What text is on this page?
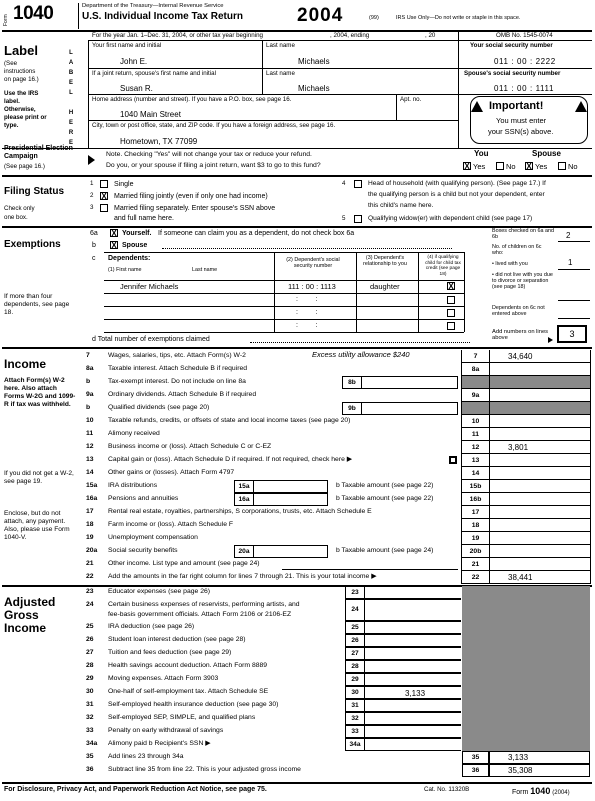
Form 1040	Department of the Treasury—Internal Revenue Service
U.S. Individual Income Tax Return	2004	(99)	IRS Use Only—Do not write or staple in this space.
For the year Jan. 1–Dec. 31, 2004, or other tax year beginning	, 2004, ending	, 20	OMB No. 1545-0074
Label
(See instructions on page 16.)
Use the IRS label. Otherwise, please print or type.
Presidential Election Campaign
(See page 16.)
L
A
B
E
L

H
E
R
E
Your first name and initial
John E.
Last name
Michaels
Your social security number
011 : 00 : 2222
If a joint return, spouse's first name and initial
Susan R.
Last name
Michaels
Spouse's social security number
011 : 00 : 1111
Home address (number and street). If you have a P.O. box, see page 16.	Apt. no.
1040 Main Street
City, town or post office, state, and ZIP code. If you have a foreign address, see page 16.
Hometown, TX 77099
Important!
You must enter
your SSN(s) above.
Note. Checking "Yes" will not change your tax or reduce your refund.
Do you, or your spouse if filing a joint return, want $3 to go to this fund?
You	Spouse
X Yes	No X Yes	No
Filing Status
Check only
one box.
1	Single
2 X Married filing jointly (even if only one had income)
3	Married filing separately. Enter spouse's SSN above
and full name here.
4	Head of household (with qualifying person). (See page 17.) If
the qualifying person is a child but not your dependent, enter
this child's name here.
5	Qualifying widow(er) with dependent child (see page 17)
Exemptions
6a X Yourself. If someone can claim you as a dependent, do not check box 6a
b X Spouse
c Dependents:
(1) First name	Last name
(2) Dependent's social security number
(3) Dependent's relationship to you
(4) if qualifying child for child tax credit (see page 18)
Jennifer Michaels	111 : 00 : 1113	daughter	X
:         :
:         :
:         :
If more than four dependents, see page 18.
d Total number of exemptions claimed
Boxes checked on 6a and 6b	2
No. of children on 6c who:
• lived with you	1
• did not live with you due to divorce or separation (see page 18)
Dependents on 6c not entered above
Add numbers on lines above	3
Income
Attach Form(s) W-2 here. Also attach Forms W-2G and 1099-R if tax was withheld.
If you did not get a W-2, see page 19.
Enclose, but do not attach, any payment. Also, please use Form 1040-V.
7	Wages, salaries, tips, etc. Attach Form(s) W-2	7	34,640
8a Taxable interest. Attach Schedule B if required	8a
b	Tax-exempt interest. Do not include on line 8a	8b
9a Ordinary dividends. Attach Schedule B if required	9a
b	Qualified dividends (see page 20)	9b
10 Taxable refunds, credits, or offsets of state and local income taxes (see page 20)	10
11 Alimony received	11
12 Business income or (loss). Attach Schedule C or C-EZ	12	3,801
13 Capital gain or (loss). Attach Schedule D if required. If not required, check here ▶	13
14 Other gains or (losses). Attach Form 4797	14
15a IRA distributions	15b
15a	b Taxable amount (see page 22)
16a Pensions and annuities	16b
16a	b Taxable amount (see page 22)
17 Rental real estate, royalties, partnerships, S corporations, trusts, etc. Attach Schedule E	17
18 Farm income or (loss). Attach Schedule F	18
19 Unemployment compensation	19
20a Social security benefits	20b
20a	b Taxable amount (see page 24)
21 Other income. List type and amount (see page 24)	21
22 Add the amounts in the far right column for lines 7 through 21. This is your total income ▶	22	38,441
Excess utility allowance $240
Adjusted
Gross
Income
23 Educator expenses (see page 26)	23
24 Certain business expenses of reservists, performing artists, and
fee-basis government officials. Attach Form 2106 or 2106-EZ
24
25 IRA deduction (see page 26)	25
26 Student loan interest deduction (see page 28)	26
27 Tuition and fees deduction (see page 29)	27
28 Health savings account deduction. Attach Form 8889	28
29 Moving expenses. Attach Form 3903	29
30 One-half of self-employment tax. Attach Schedule SE	30	3,133
31 Self-employed health insurance deduction (see page 30)	31
32 Self-employed SEP, SIMPLE, and qualified plans	32
33 Penalty on early withdrawal of savings	33
34a Alimony paid b Recipient's SSN ▶	34a
35 Add lines 23 through 34a	35	3,133
36 Subtract line 35 from line 22. This is your adjusted gross income	36	35,308
For Disclosure, Privacy Act, and Paperwork Reduction Act Notice, see page 75.	Cat. No. 11320B	Form 1040 (2004)
